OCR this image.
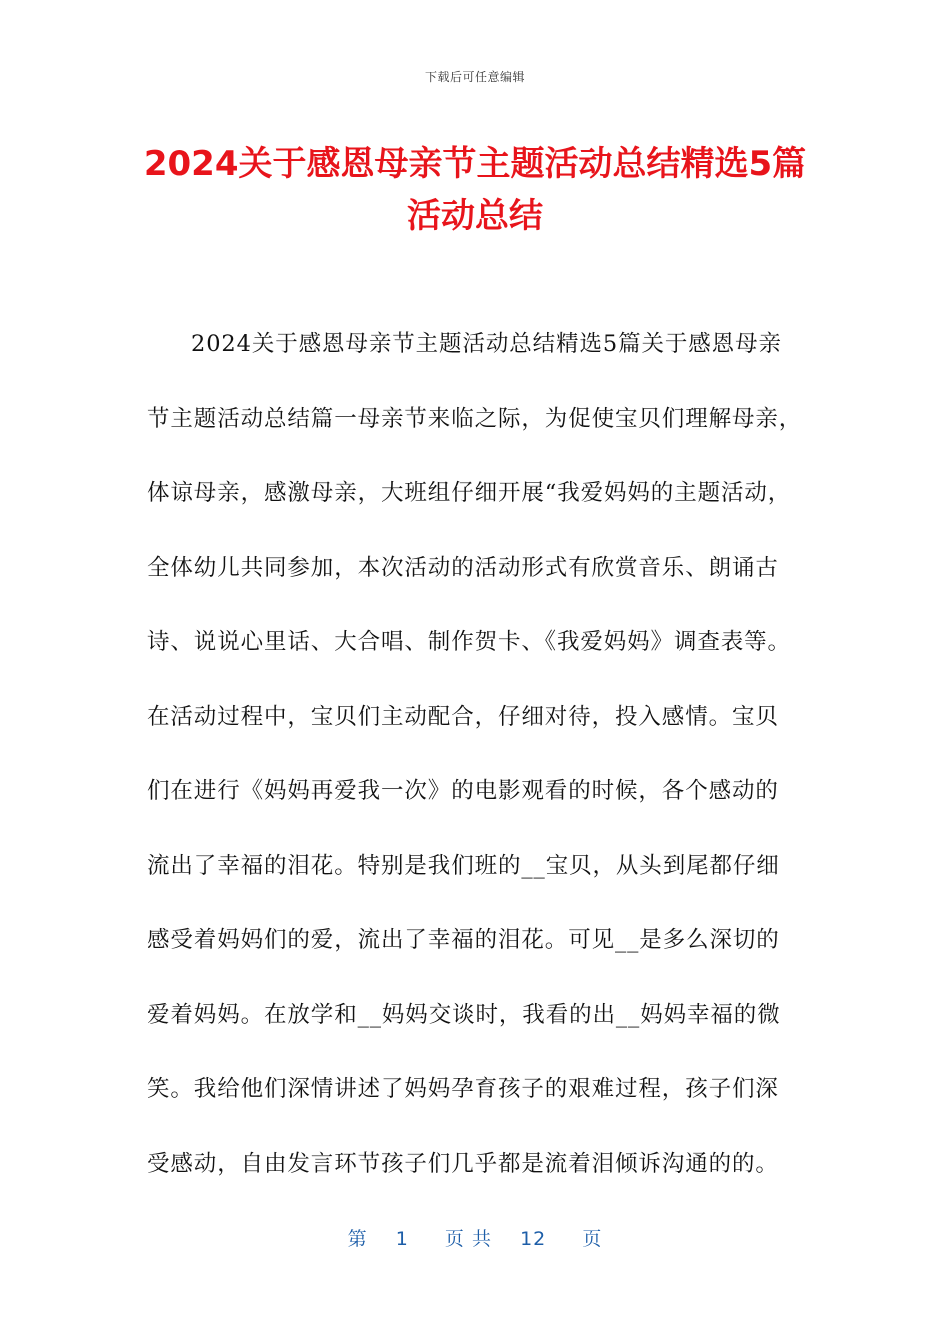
下载后可任意编辑
2024关于感恩母亲节主题活动总结精选5篇
活动总结
2024关于感恩母亲节主题活动总结精选5篇关于感恩母亲
节主题活动总结篇一母亲节来临之际，为促使宝贝们理解母亲，
体谅母亲，感激母亲，大班组仔细开展“我爱妈妈的主题活动，
全体幼儿共同参加，本次活动的活动形式有欣赏音乐、朗诵古
诗、说说心里话、大合唱、制作贺卡、《我爱妈妈》调查表等。
在活动过程中，宝贝们主动配合，仔细对待，投入感情。宝贝
们在进行《妈妈再爱我一次》的电影观看的时候，各个感动的
流出了幸福的泪花。特别是我们班的__宝贝，从头到尾都仔细
感受着妈妈们的爱，流出了幸福的泪花。可见__是多么深切的
爱着妈妈。在放学和__妈妈交谈时，我看的出__妈妈幸福的微
笑。我给他们深情讲述了妈妈孕育孩子的艰难过程，孩子们深
受感动，自由发言环节孩子们几乎都是流着泪倾诉沟通的的。
第 1 页 共 12 页
